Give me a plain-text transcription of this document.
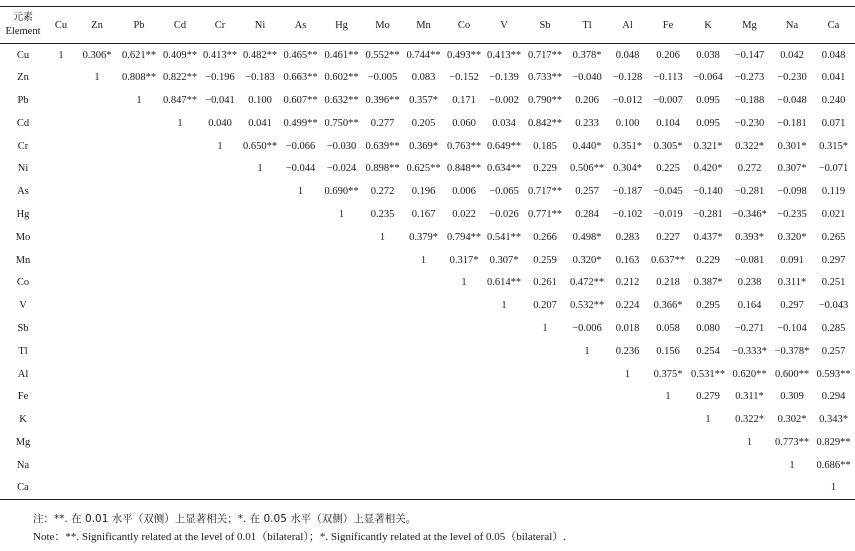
元素
Element	Cu	Zn	Pb	Cd	Cr	Ni	As	Hg	Mo	Mn	Co	V	Sb	Tl	Al	Fe	K	Mg	Na	Ca
Cu	1	0.306*	0.621**	0.409**	0.413**	0.482**	0.465**	0.461**	0.552**	0.744**	0.493**	0.413**	0.717**	0.378*	0.048	0.206	0.038	−0.147	0.042	0.048
Zn		1	0.808**	0.822**	−0.196	−0.183	0.663**	0.602**	−0.005	0.083	−0.152	−0.139	0.733**	−0.040	−0.128	−0.113	−0.064	−0.273	−0.230	0.041
Pb			1	0.847**	−0.041	0.100	0.607**	0.632**	0.396**	0.357*	0.171	−0.002	0.790**	0.206	−0.012	−0.007	0.095	−0.188	−0.048	0.240
Cd				1	0.040	0.041	0.499**	0.750**	0.277	0.205	0.060	0.034	0.842**	0.233	0.100	0.104	0.095	−0.230	−0.181	0.071
Cr					1	0.650**	−0.066	−0.030	0.639**	0.369*	0.763**	0.649**	0.185	0.440*	0.351*	0.305*	0.321*	0.322*	0.301*	0.315*
Ni						1	−0.044	−0.024	0.898**	0.625**	0.848**	0.634**	0.229	0.506**	0.304*	0.225	0.420*	0.272	0.307*	−0.071
As							1	0.690**	0.272	0.196	0.006	−0.065	0.717**	0.257	−0.187	−0.045	−0.140	−0.281	−0.098	0.119
Hg								1	0.235	0.167	0.022	−0.026	0.771**	0.284	−0.102	−0.019	−0.281	−0.346*	−0.235	0.021
Mo									1	0.379*	0.794**	0.541**	0.266	0.498*	0.283	0.227	0.437*	0.393*	0.320*	0.265
Mn										1	0.317*	0.307*	0.259	0.320*	0.163	0.637**	0.229	−0.081	0.091	0.297
Co											1	0.614**	0.261	0.472**	0.212	0.218	0.387*	0.238	0.311*	0.251
V												1	0.207	0.532**	0.224	0.366*	0.295	0.164	0.297	−0.043
Sb													1	−0.006	0.018	0.058	0.080	−0.271	−0.104	0.285
Tl														1	0.236	0.156	0.254	−0.333*	−0.378*	0.257
Al															1	0.375*	0.531**	0.620**	0.600**	0.593**
Fe																1	0.279	0.311*	0.309	0.294
K																	1	0.322*	0.302*	0.343*
Mg																		1	0.773**	0.829**
Na																			1	0.686**
Ca																				1
注：**. 在 0.01 水平（双侧）上显著相关；*. 在 0.05 水平（双侧）上显著相关。
Note：**. Significantly related at the level of 0.01（bilateral）；*. Significantly related at the level of 0.05（bilateral）.
